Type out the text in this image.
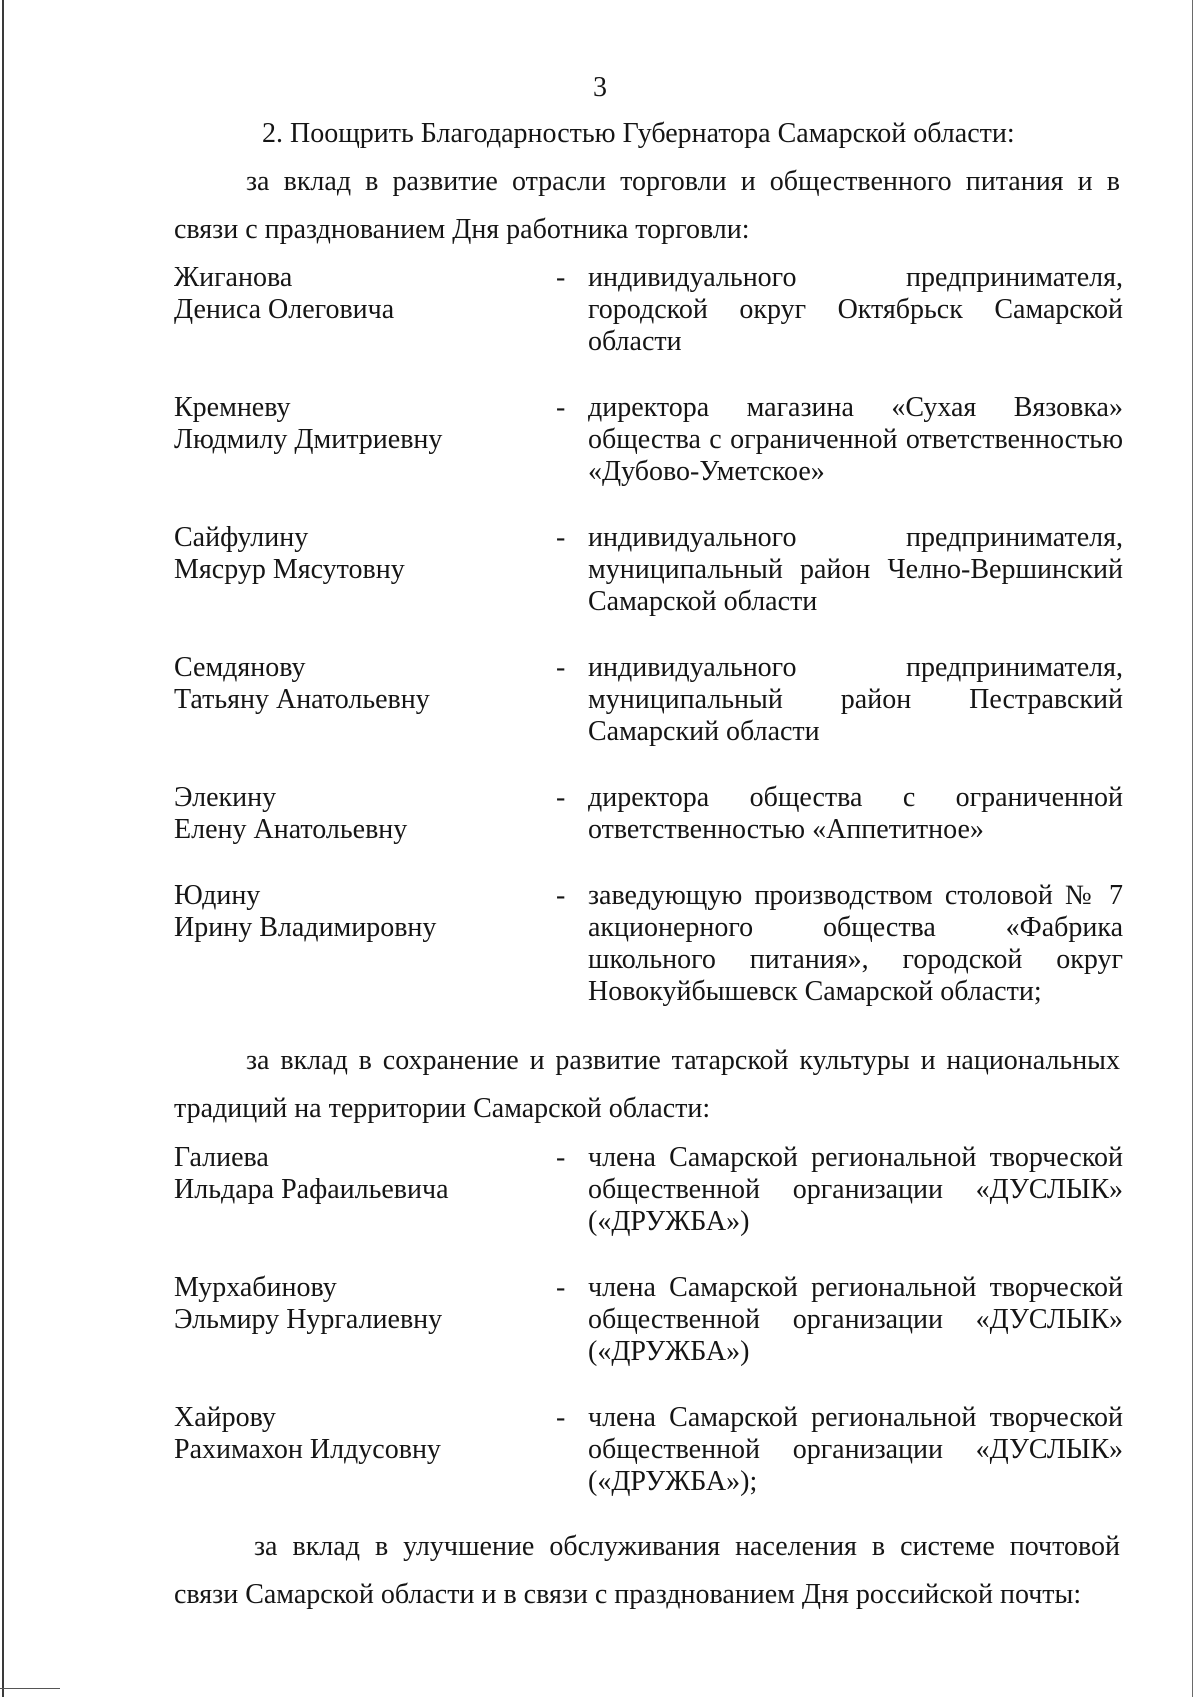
3

2. Поощрить Благодарностью Губернатора Самарской области:

за вклад в развитие отрасли торговли и общественного питания и в связи с празднованием Дня работника торговли:

Жиганова
Дениса Олеговича
- индивидуального предпринимателя, городской округ Октябрьск Самарской области
Кремневу
Людмилу Дмитриевну
- директора магазина «Сухая Вязовка» общества с ограниченной ответственностью «Дубово-Уметское»
Сайфулину
Мясрур Мясутовну
- индивидуального предпринимателя, муниципальный район Челно-Вершинский Самарской области
Семдянову
Татьяну Анатольевну
- индивидуального предпринимателя, муниципальный район Пестравский Самарский области
Элекину
Елену Анатольевну
- директора общества с ограниченной ответственностью «Аппетитное»
Юдину
Ирину Владимировну
- заведующую производством столовой № 7 акционерного общества «Фабрика школьного питания», городской округ Новокуйбышевск Самарской области;

за вклад в сохранение и развитие татарской культуры и национальных традиций на территории Самарской области:

Галиева
Ильдара Рафаильевича
- члена Самарской региональной творческой общественной организации «ДУСЛЫК» («ДРУЖБА»)
Мурхабинову
Эльмиру Нургалиевну
- члена Самарской региональной творческой общественной организации «ДУСЛЫК» («ДРУЖБА»)
Хайрову
Рахимахон Илдусовну
- члена Самарской региональной творческой общественной организации «ДУСЛЫК» («ДРУЖБА»);

за вклад в улучшение обслуживания населения в системе почтовой связи Самарской области и в связи с празднованием Дня российской почты:
